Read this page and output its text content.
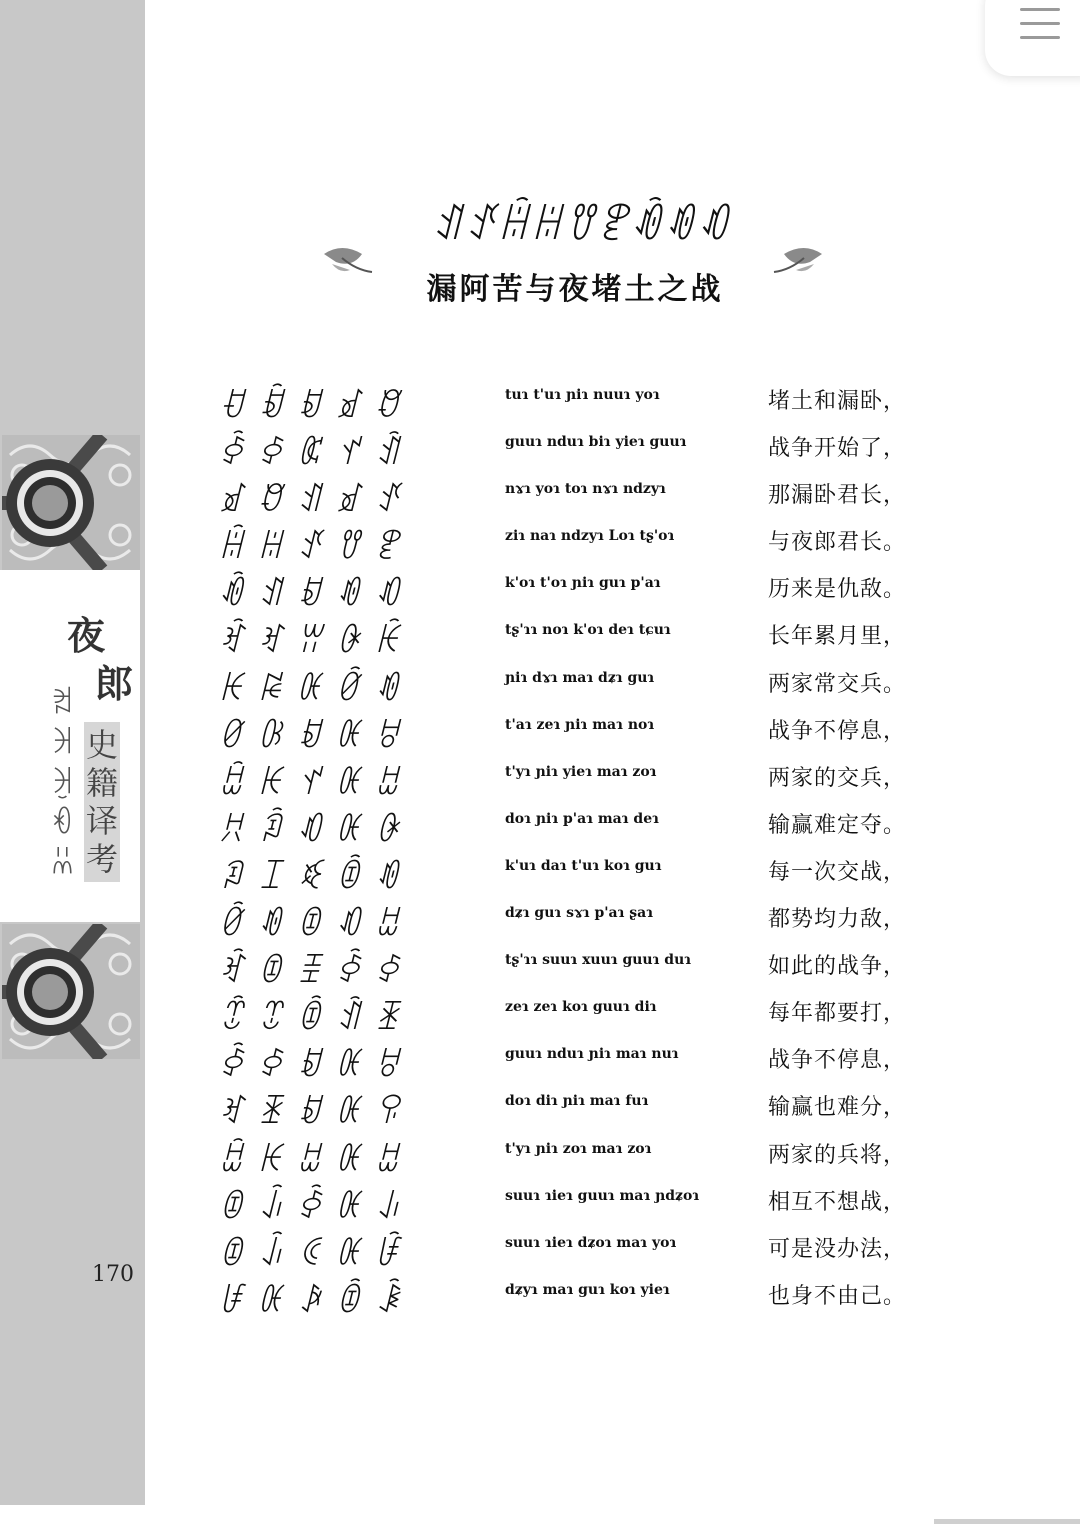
夜
郎
ꀕꀖꀗꀘꀙ
史
籍
译
考
170
ꀊꀋꀌꀍꀎꀏꀐꀑꀒ
漏阿苦与夜堵土之战
ꀀꀁꀂꀃꀄ
ꀅꀆꀇꀈꀉ
ꀃꀄꀊꀃꀋ
ꀌꀍꀋꀎꀏ
ꀐꀊꀂꀑꀒ
ꀓꀔꀕꀖꀗ
ꀘꀙꀚꀛꀑ
ꀜꀝꀂꀚꀞ
ꀟꀘꀈꀚꀠ
ꀡꀢꀒꀚꀖ
ꀣꀤꀥꀦꀑ
ꀛꀑꀧꀒꀠ
ꀓꀧꀨꀅꀆ
ꀩꀪꀦꀉꀫ
ꀅꀆꀂꀚꀞ
ꀔꀫꀂꀚꀬ
ꀟꀘꀠꀚꀠ
ꀧꀭꀅꀚꀮ
ꀧꀭꀯꀚꀰ
ꀱꀚꀲꀦꀳ
tuɿ t'uɿ ɲiɿ nuuɿ yoɿ
guuɿ nduɿ biɿ yieɿ guuɿ
nɤɿ yoɿ toɿ nɤɿ ndzyɿ
ziɿ naɿ ndzyɿ Loɿ tʂ'oɿ
k'oɿ t'oɿ ɲiɿ guɿ p'aɿ
tʂ'ɿɿ noɿ k'oɿ deɿ tɕuɿ
ɲiɿ dɤɿ maɿ dʑɿ guɿ
t'aɿ zeɿ ɲiɿ maɿ noɿ
t'yɿ ɲiɿ yieɿ maɿ zoɿ
doɿ ɲiɿ p'aɿ maɿ deɿ
k'uɿ daɿ t'uɿ koɿ guɿ
dʑɿ guɿ sɤɿ p'aɿ ʂaɿ
tʂ'ɿɿ suuɿ xuuɿ guuɿ duɿ
zeɿ zeɿ koɿ guuɿ diɿ
guuɿ nduɿ ɲiɿ maɿ nuɿ
doɿ diɿ ɲiɿ maɿ fuɿ
t'yɿ ɲiɿ zoɿ maɿ zoɿ
suuɿ ɿieɿ guuɿ maɿ ɲdʑoɿ
suuɿ ɿieɿ dʑoɿ maɿ yoɿ
dʑyɿ maɿ guɿ koɿ yieɿ
堵土和漏卧，
战争开始了，
那漏卧君长，
与夜郎君长。
历来是仇敌。
长年累月里，
两家常交兵。
战争不停息，
两家的交兵，
输赢难定夺。
每一次交战，
都势均力敌，
如此的战争，
每年都要打，
战争不停息，
输赢也难分，
两家的兵将，
相互不想战，
可是没办法，
也身不由己。
